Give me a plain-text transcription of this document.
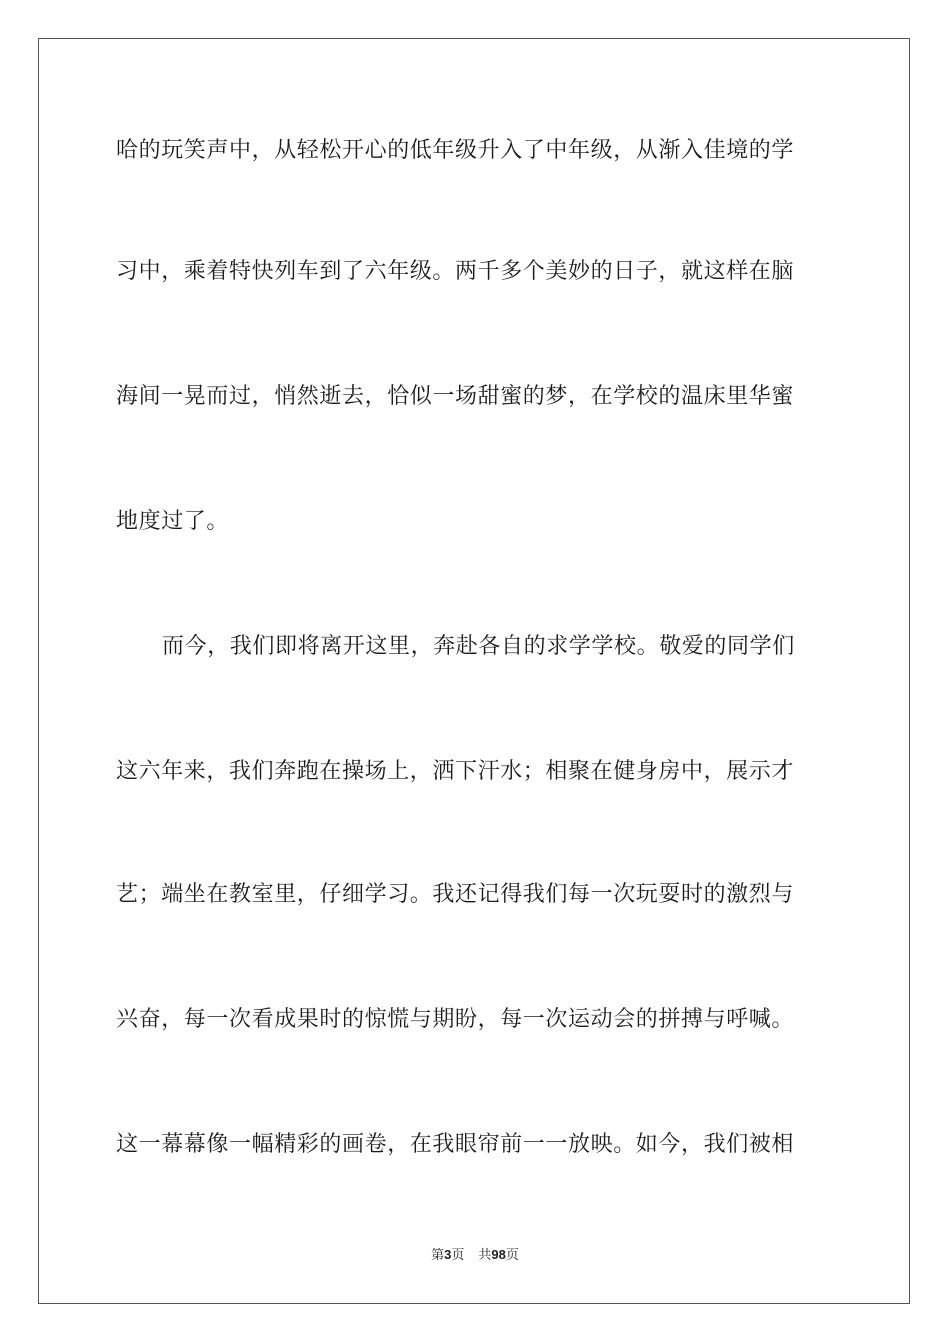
哈的玩笑声中，从轻松开心的低年级升入了中年级，从渐入佳境的学
习中，乘着特快列车到了六年级。两千多个美妙的日子，就这样在脑
海间一晃而过，悄然逝去，恰似一场甜蜜的梦，在学校的温床里华蜜
地度过了。
而今，我们即将离开这里，奔赴各自的求学学校。敬爱的同学们
这六年来，我们奔跑在操场上，洒下汗水；相聚在健身房中，展示才
艺；端坐在教室里，仔细学习。我还记得我们每一次玩耍时的激烈与
兴奋，每一次看成果时的惊慌与期盼，每一次运动会的拼搏与呼喊。
这一幕幕像一幅精彩的画卷，在我眼帘前一一放映。如今，我们被相
第3页 共98页
